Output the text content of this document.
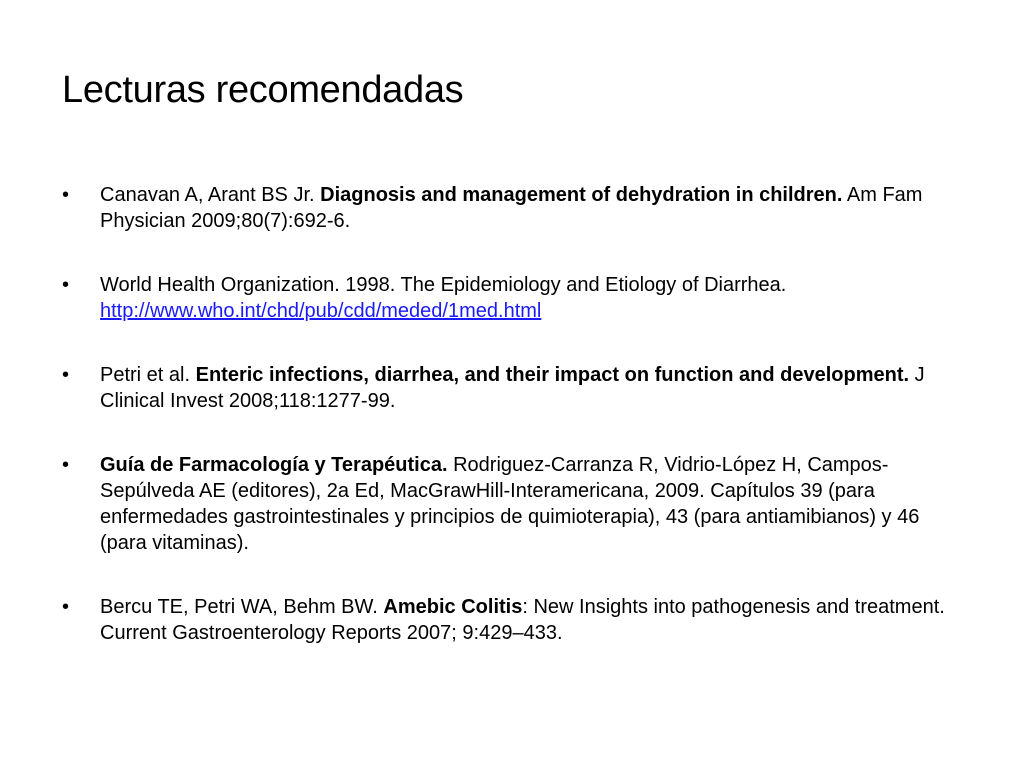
Lecturas recomendadas
• Canavan A, Arant BS Jr. Diagnosis and management of dehydration in children. Am Fam Physician 2009;80(7):692-6.
• World Health Organization. 1998. The Epidemiology and Etiology of Diarrhea.
http://www.who.int/chd/pub/cdd/meded/1med.html
• Petri et al. Enteric infections, diarrhea, and their impact on function and development. J Clinical Invest 2008;118:1277-99.
• Guía de Farmacología y Terapéutica. Rodriguez-Carranza R, Vidrio-López H, Campos-Sepúlveda AE (editores), 2a Ed, MacGrawHill-Interamericana, 2009. Capítulos 39 (para enfermedades gastrointestinales y principios de quimioterapia), 43 (para antiamibianos) y 46 (para vitaminas).
• Bercu TE, Petri WA, Behm BW. Amebic Colitis: New Insights into pathogenesis and treatment. Current Gastroenterology Reports 2007; 9:429–433.
